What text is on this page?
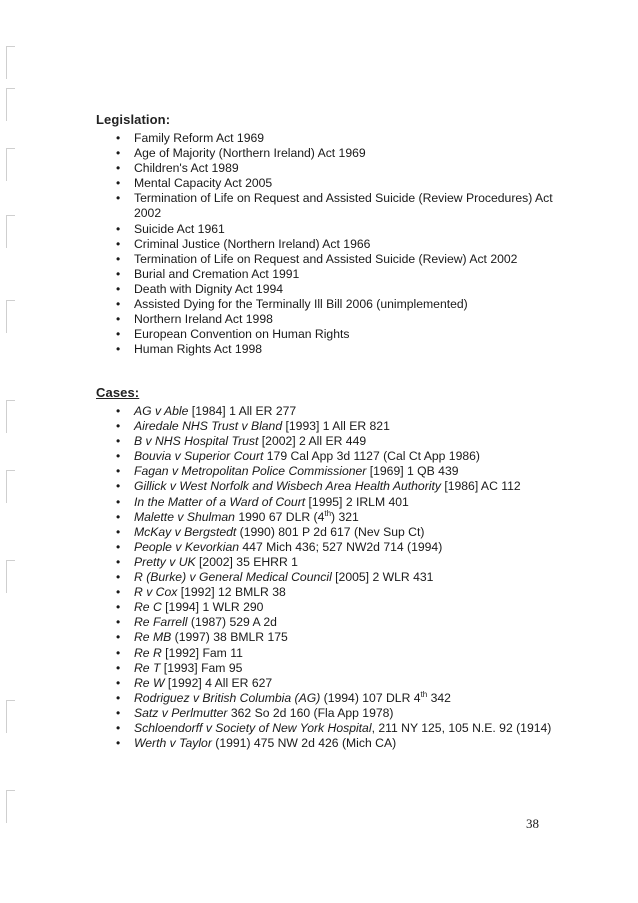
Legislation:
• Family Reform Act 1969
• Age of Majority (Northern Ireland) Act 1969
• Children's Act 1989
• Mental Capacity Act 2005
• Termination of Life on Request and Assisted Suicide (Review Procedures) Act 2002
• Suicide Act 1961
• Criminal Justice (Northern Ireland) Act 1966
• Termination of Life on Request and Assisted Suicide (Review) Act 2002
• Burial and Cremation Act 1991
• Death with Dignity Act 1994
• Assisted Dying for the Terminally Ill Bill 2006 (unimplemented)
• Northern Ireland Act 1998
• European Convention on Human Rights
• Human Rights Act 1998
Cases:
• AG v Able [1984] 1 All ER 277
• Airedale NHS Trust v Bland [1993] 1 All ER 821
• B v NHS Hospital Trust [2002] 2 All ER 449
• Bouvia v Superior Court 179 Cal App 3d 1127 (Cal Ct App 1986)
• Fagan v Metropolitan Police Commissioner [1969] 1 QB 439
• Gillick v West Norfolk and Wisbech Area Health Authority [1986] AC 112
• In the Matter of a Ward of Court [1995] 2 IRLM 401
• Malette v Shulman 1990 67 DLR (4th) 321
• McKay v Bergstedt (1990) 801 P 2d 617 (Nev Sup Ct)
• People v Kevorkian 447 Mich 436; 527 NW2d 714 (1994)
• Pretty v UK [2002] 35 EHRR 1
• R (Burke) v General Medical Council [2005] 2 WLR 431
• R v Cox [1992] 12 BMLR 38
• Re C [1994] 1 WLR 290
• Re Farrell (1987) 529 A 2d
• Re MB (1997) 38 BMLR 175
• Re R [1992] Fam 11
• Re T [1993] Fam 95
• Re W [1992] 4 All ER 627
• Rodriguez v British Columbia (AG) (1994) 107 DLR 4th 342
• Satz v Perlmutter 362 So 2d 160 (Fla App 1978)
• Schloendorff v Society of New York Hospital, 211 NY 125, 105 N.E. 92 (1914)
• Werth v Taylor (1991) 475 NW 2d 426 (Mich CA)
38
